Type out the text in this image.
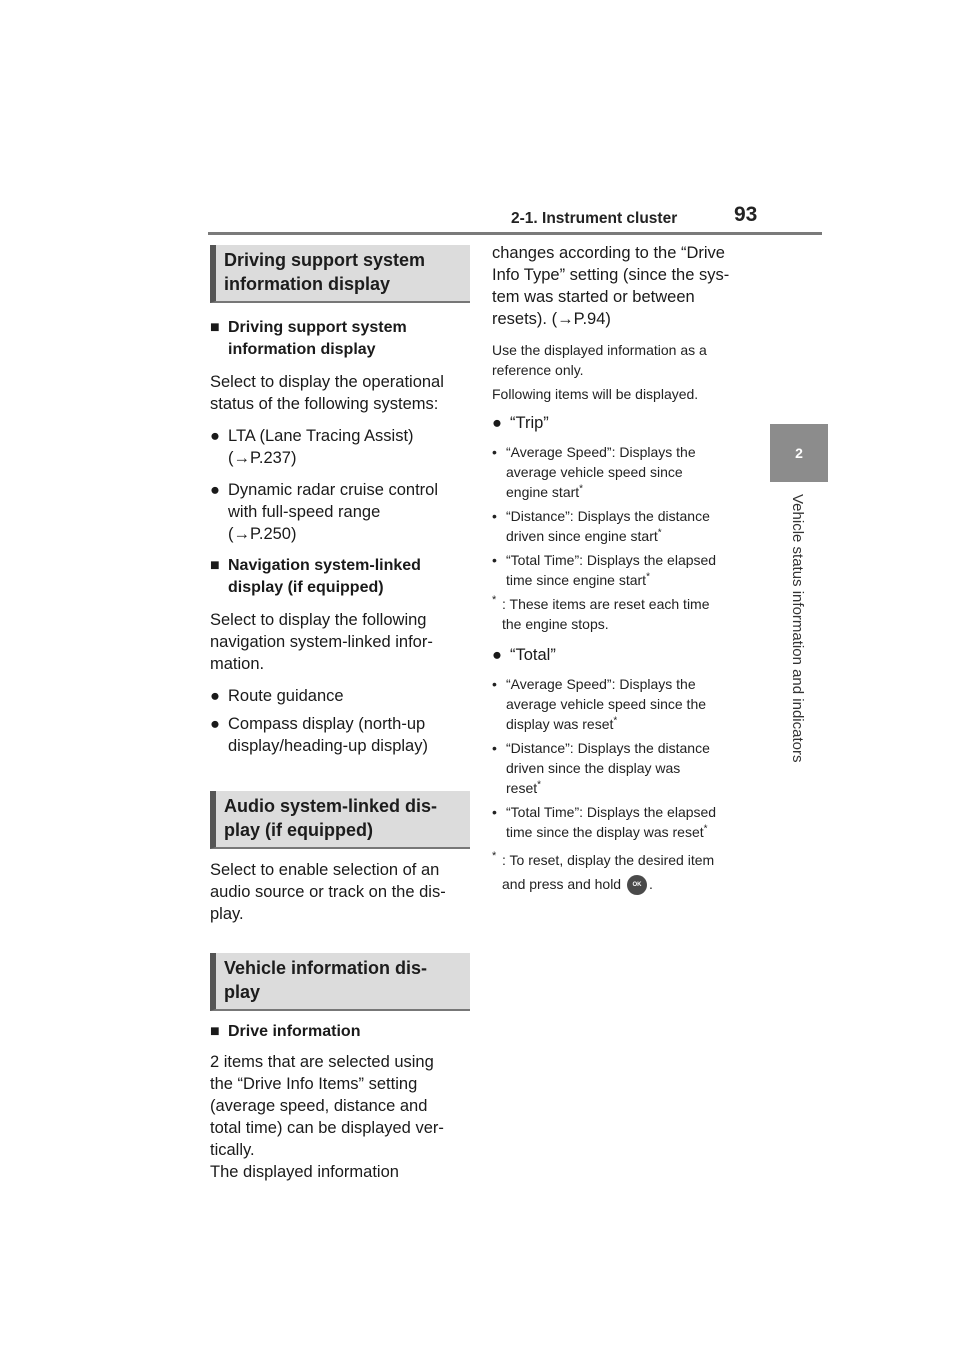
2-1. Instrument cluster	93
2
Vehicle status information and indicators
Driving support system
information display
■ Driving support system
information display
Select to display the operational
status of the following systems:
● LTA (Lane Tracing Assist)
(→P.237)
● Dynamic radar cruise control
with full-speed range
(→P.250)
■ Navigation system-linked
display (if equipped)
Select to display the following
navigation system-linked infor-
mation.
● Route guidance
● Compass display (north-up
display/heading-up display)
Audio system-linked dis-
play (if equipped)
Select to enable selection of an
audio source or track on the dis-
play.
Vehicle information dis-
play
■ Drive information
2 items that are selected using
the “Drive Info Items” setting
(average speed, distance and
total time) can be displayed ver-
tically.
The displayed information
changes according to the “Drive
Info Type” setting (since the sys-
tem was started or between
resets). (→P.94)
Use the displayed information as a
reference only.
Following items will be displayed.
● “Trip”
• “Average Speed”: Displays the
average vehicle speed since
engine start*
• “Distance”: Displays the distance
driven since engine start*
• “Total Time”: Displays the elapsed
time since engine start*
* : These items are reset each time
the engine stops.
● “Total”
• “Average Speed”: Displays the
average vehicle speed since the
display was reset*
• “Distance”: Displays the distance
driven since the display was
reset*
• “Total Time”: Displays the elapsed
time since the display was reset*
* : To reset, display the desired item
and press and hold OK .
